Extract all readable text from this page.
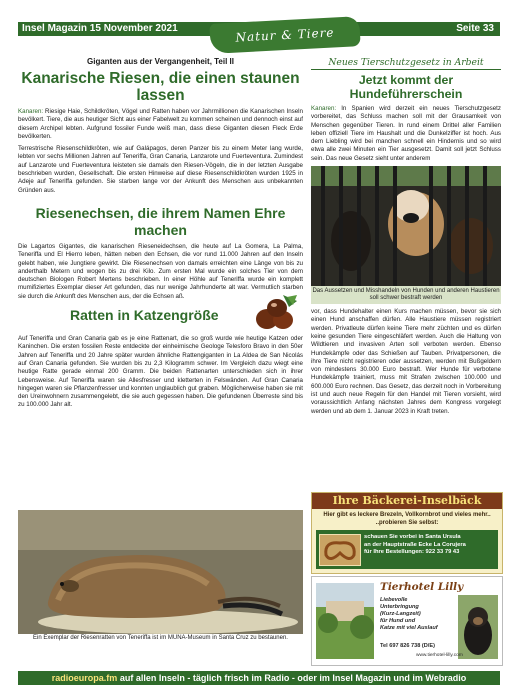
Insel Magazin 15 November 2021	Natur & Tiere	Seite 33

Giganten aus der Vergangenheit, Teil II

Kanarische Riesen, die einen staunen lassen

Kanaren: Riesige Haie, Schildkröten, Vögel und Ratten haben vor Jahrmillionen die Kanarischen Inseln bevölkert. Tiere, die aus heutiger Sicht aus einer Fabelwelt zu kommen scheinen und dennoch einst auf diesem Archipel lebten. Aufgrund fossiler Funde weiß man, dass diese Giganten diesen Fleck Erde bevölkerten.

Terrestrische Riesenschildkröten, wie auf Galápagos, deren Panzer bis zu einem Meter lang wurde, lebten vor sechs Millionen Jahren auf Teneriffa, Gran Canaria, Lanzarote und Fuerteventura. Zumindest auf Lanzarote und Fuerteventura leisteten sie damals den Riesen-Vögeln, die in der letzten Ausgabe beschrieben wurden, Gesellschaft. Die ersten Hinweise auf diese Riesenschildkröten wurden 1925 in Adeje auf Teneriffa gefunden. Sie starben lange vor der Ankunft des Menschen aus unbekannten Gründen aus.

Riesenechsen, die ihrem Namen Ehre machen

Die Lagartos Gigantes, die kanarischen Rieseneidechsen, die heute auf La Gomera, La Palma, Teneriffa und El Hierro leben, hätten neben den Echsen, die vor rund 11.000 Jahren auf den Inseln gelebt haben, wie Jungtiere gewirkt. Die Riesenechsen von damals erreichten eine Länge von bis zu anderthalb Metern und wogen bis zu drei Kilo. Zum ersten Mal wurde ein solches Tier von dem deutschen Biologen Robert Mertens beschrieben. In einer Höhle auf Teneriffa wurde ein komplett mumifiziertes Exemplar dieser Art gefunden, das nur wenige Jahrhunderte alt war. Vermutlich starben sie durch die Ankunft des Menschen aus, der die Echsen aß.

Ratten in Katzengröße

Auf Teneriffa und Gran Canaria gab es je eine Rattenart, die so groß wurde wie heutige Katzen oder Kaninchen. Die ersten fossilen Reste entdeckte der einheimische Geologe Telesforo Bravo in den 50er Jahren auf Teneriffa und 20 Jahre später wurden ähnliche Rattengiganten in La Aldea de San Nicolás auf Gran Canaria gefunden. Sie wurden bis zu 2,3 Kilogramm schwer. Im Vergleich dazu wiegt eine heutige Ratte gerade einmal 200 Gramm. Die beiden Rattenarten unterschieden sich in ihrer Lebensweise. Auf Teneriffa waren sie Allesfresser und kletterten in Felswänden. Auf Gran Canaria hingegen waren sie Pflanzenfresser und konnten unglaublich gut graben. Möglicherweise haben sie mit den Ureinwohnern zusammengelebt, die sie auch gegessen haben. Die gefundenen Überreste sind bis zu 100.000 Jahr alt.

Ein Exemplar der Riesenratten von Teneriffa ist im MUNA-Museum in Santa Cruz zu bestaunen.

Neues Tierschutzgesetz in Arbeit

Jetzt kommt der Hundeführerschein

Kanaren: In Spanien wird derzeit ein neues Tierschutzgesetz vorbereitet, das Schluss machen soll mit der Grausamkeit von Menschen gegenüber Tieren. In rund einem Drittel aller Familien leben offiziell Tiere im Haushalt und die Dunkelziffer ist hoch. Aus dem Liebling wird bei manchen schnell ein Hindernis und so wird etwa alle zwei Minuten ein Tier ausgesetzt. Damit soll jetzt Schluss sein. Das neue Gesetz sieht unter anderem

Das Aussetzen und Misshandeln von Hunden und anderen Haustieren soll schwer bestraft werden

vor, dass Hundehalter einen Kurs machen müssen, bevor sie sich einen Hund anschaffen dürfen. Alle Haustiere müssen registriert werden. Privatleute dürfen keine Tiere mehr züchten und es dürfen keine gesunden Tiere eingeschläfert werden. Auch die Haltung von Wildtieren und invasiven Arten soll verboten werden. Ebenso Hundekämpfe oder das Schießen auf Tauben. Privatpersonen, die ihre Tiere nicht registrieren oder aussetzen, werden mit Bußgeldern von mindestens 30.000 Euro bestraft. Wer Hunde für verbotene Hundekämpfe trainiert, muss mit Strafen zwischen 100.000 und 600.000 Euro rechnen. Das Gesetz, das derzeit noch in Vorbereitung ist und auch neue Regeln für den Handel mit Tieren vorsieht, wird voraussichtlich Anfang nächsten Jahres dem Kongress vorgelegt werden und ab dem 1. Januar 2023 in Kraft treten.

Ihre Bäckerei-Inselbäck
Hier gibt es leckere Brezeln, Vollkornbrot und vieles mehr.. ..probieren Sie selbst:
schauen Sie vorbei in Santa Ursula
an der Hauptstraße Ecke La Corujera
für Ihre Bestellungen: 922 33 79 43
Tierhotel Lilly
Liebevolle
Unterbringung
(Kurz-Langzeit)
für Hund und
Katze mit viel Auslauf
Tel 697 826 738 (D/E)
www.tierhotel-lilly.com
radioeuropa.fm auf allen Inseln - täglich frisch im Radio - oder im Insel Magazin und im Webradio
